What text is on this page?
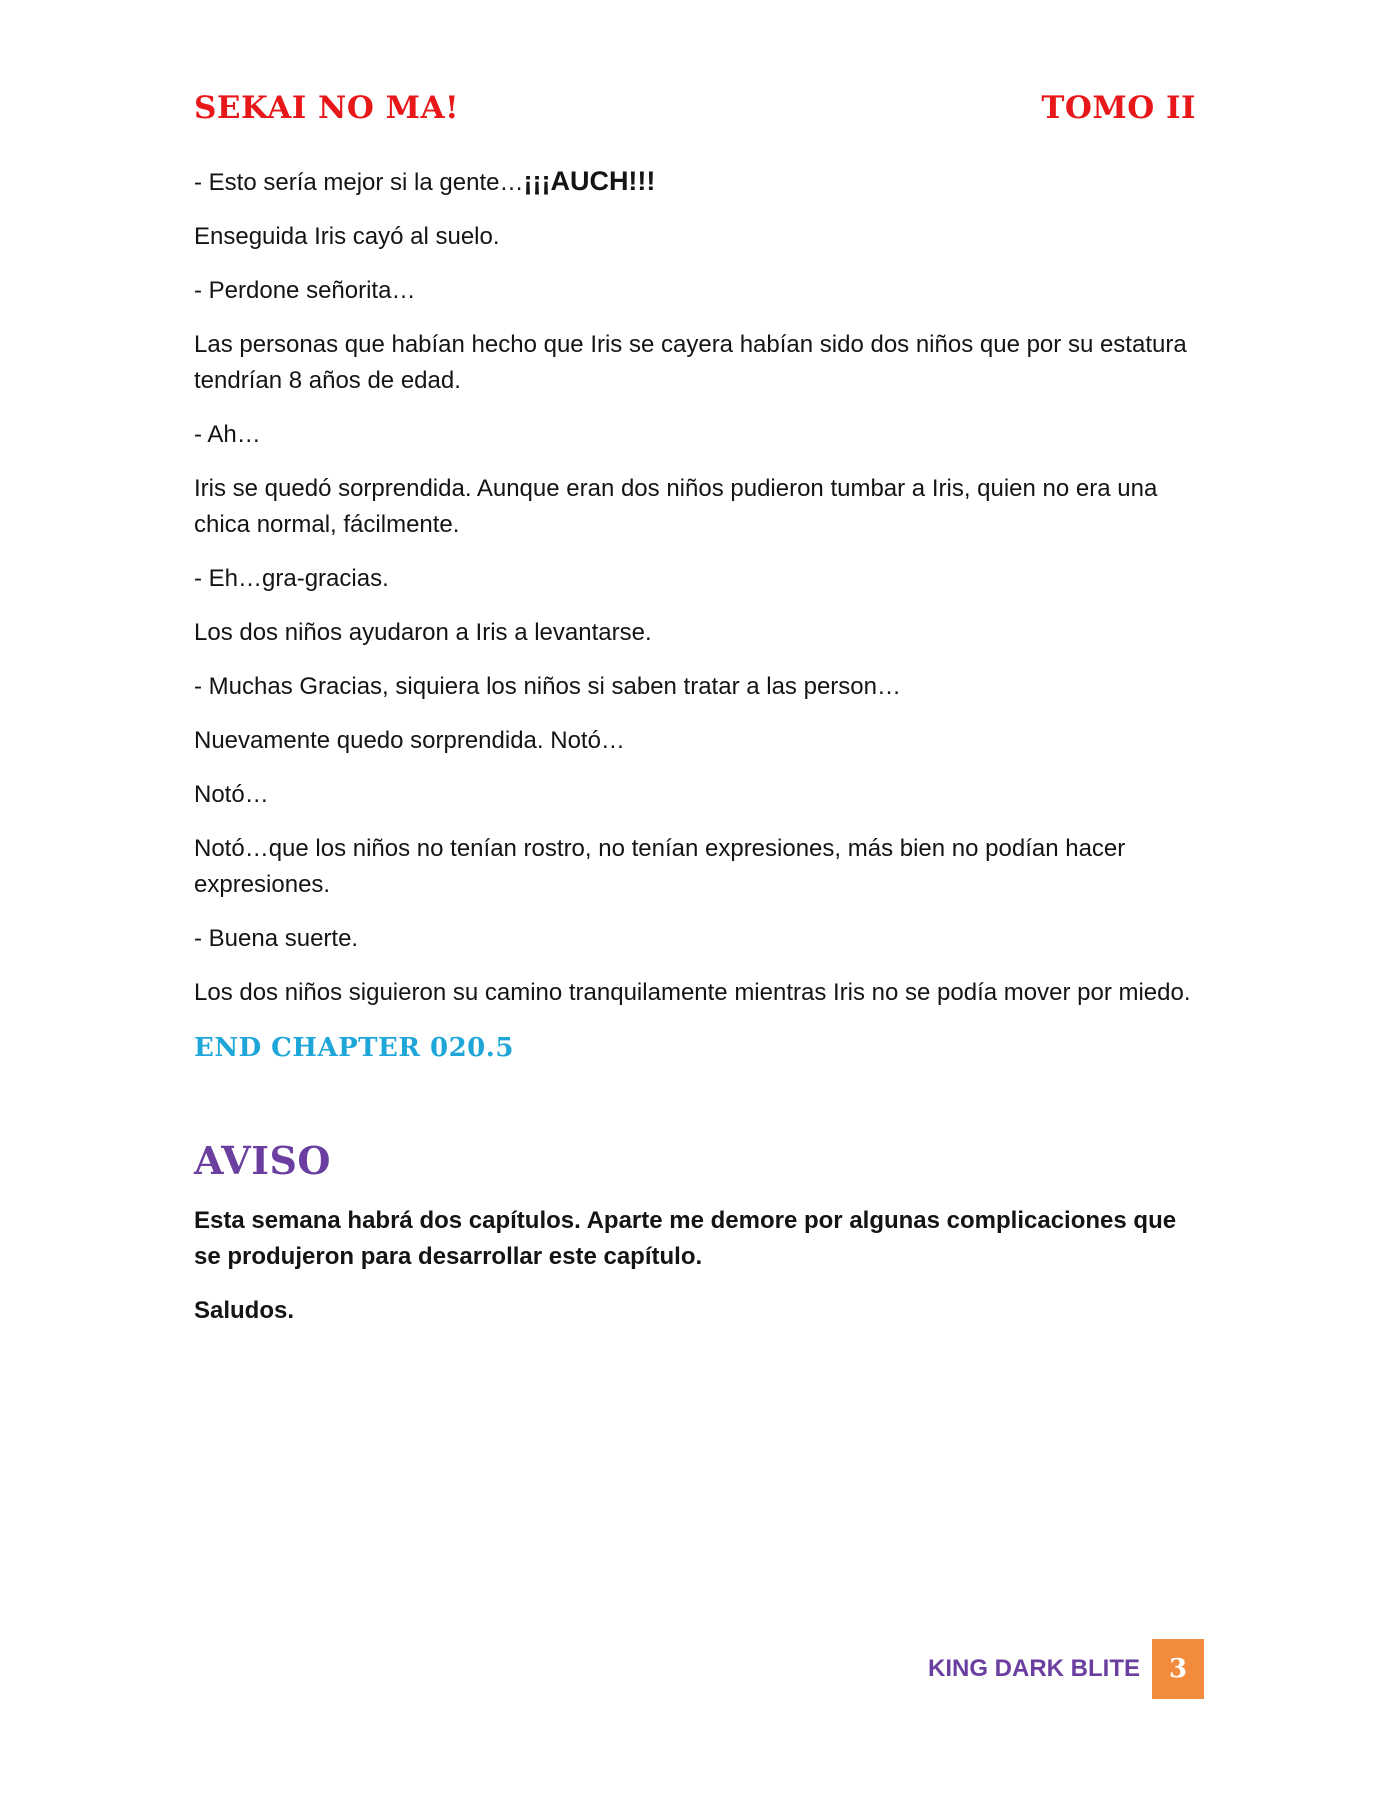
SEKAI NO MA!	TOMO II

- Esto sería mejor si la gente…¡¡¡AUCH!!!

Enseguida Iris cayó al suelo.

- Perdone señorita…

Las personas que habían hecho que Iris se cayera habían sido dos niños que por su estatura tendrían 8 años de edad.

- Ah…

Iris se quedó sorprendida. Aunque eran dos niños pudieron tumbar a Iris, quien no era una chica normal, fácilmente.

- Eh…gra-gracias.

Los dos niños ayudaron a Iris a levantarse.

- Muchas Gracias, siquiera los niños si saben tratar a las person…

Nuevamente quedo sorprendida. Notó…

Notó…

Notó…que los niños no tenían rostro, no tenían expresiones, más bien no podían hacer expresiones.

- Buena suerte.

Los dos niños siguieron su camino tranquilamente mientras Iris no se podía mover por miedo.

END CHAPTER 020.5
AVISO

Esta semana habrá dos capítulos. Aparte me demore por algunas complicaciones que se produjeron para desarrollar este capítulo.

Saludos.

KING DARK BLITE	3
